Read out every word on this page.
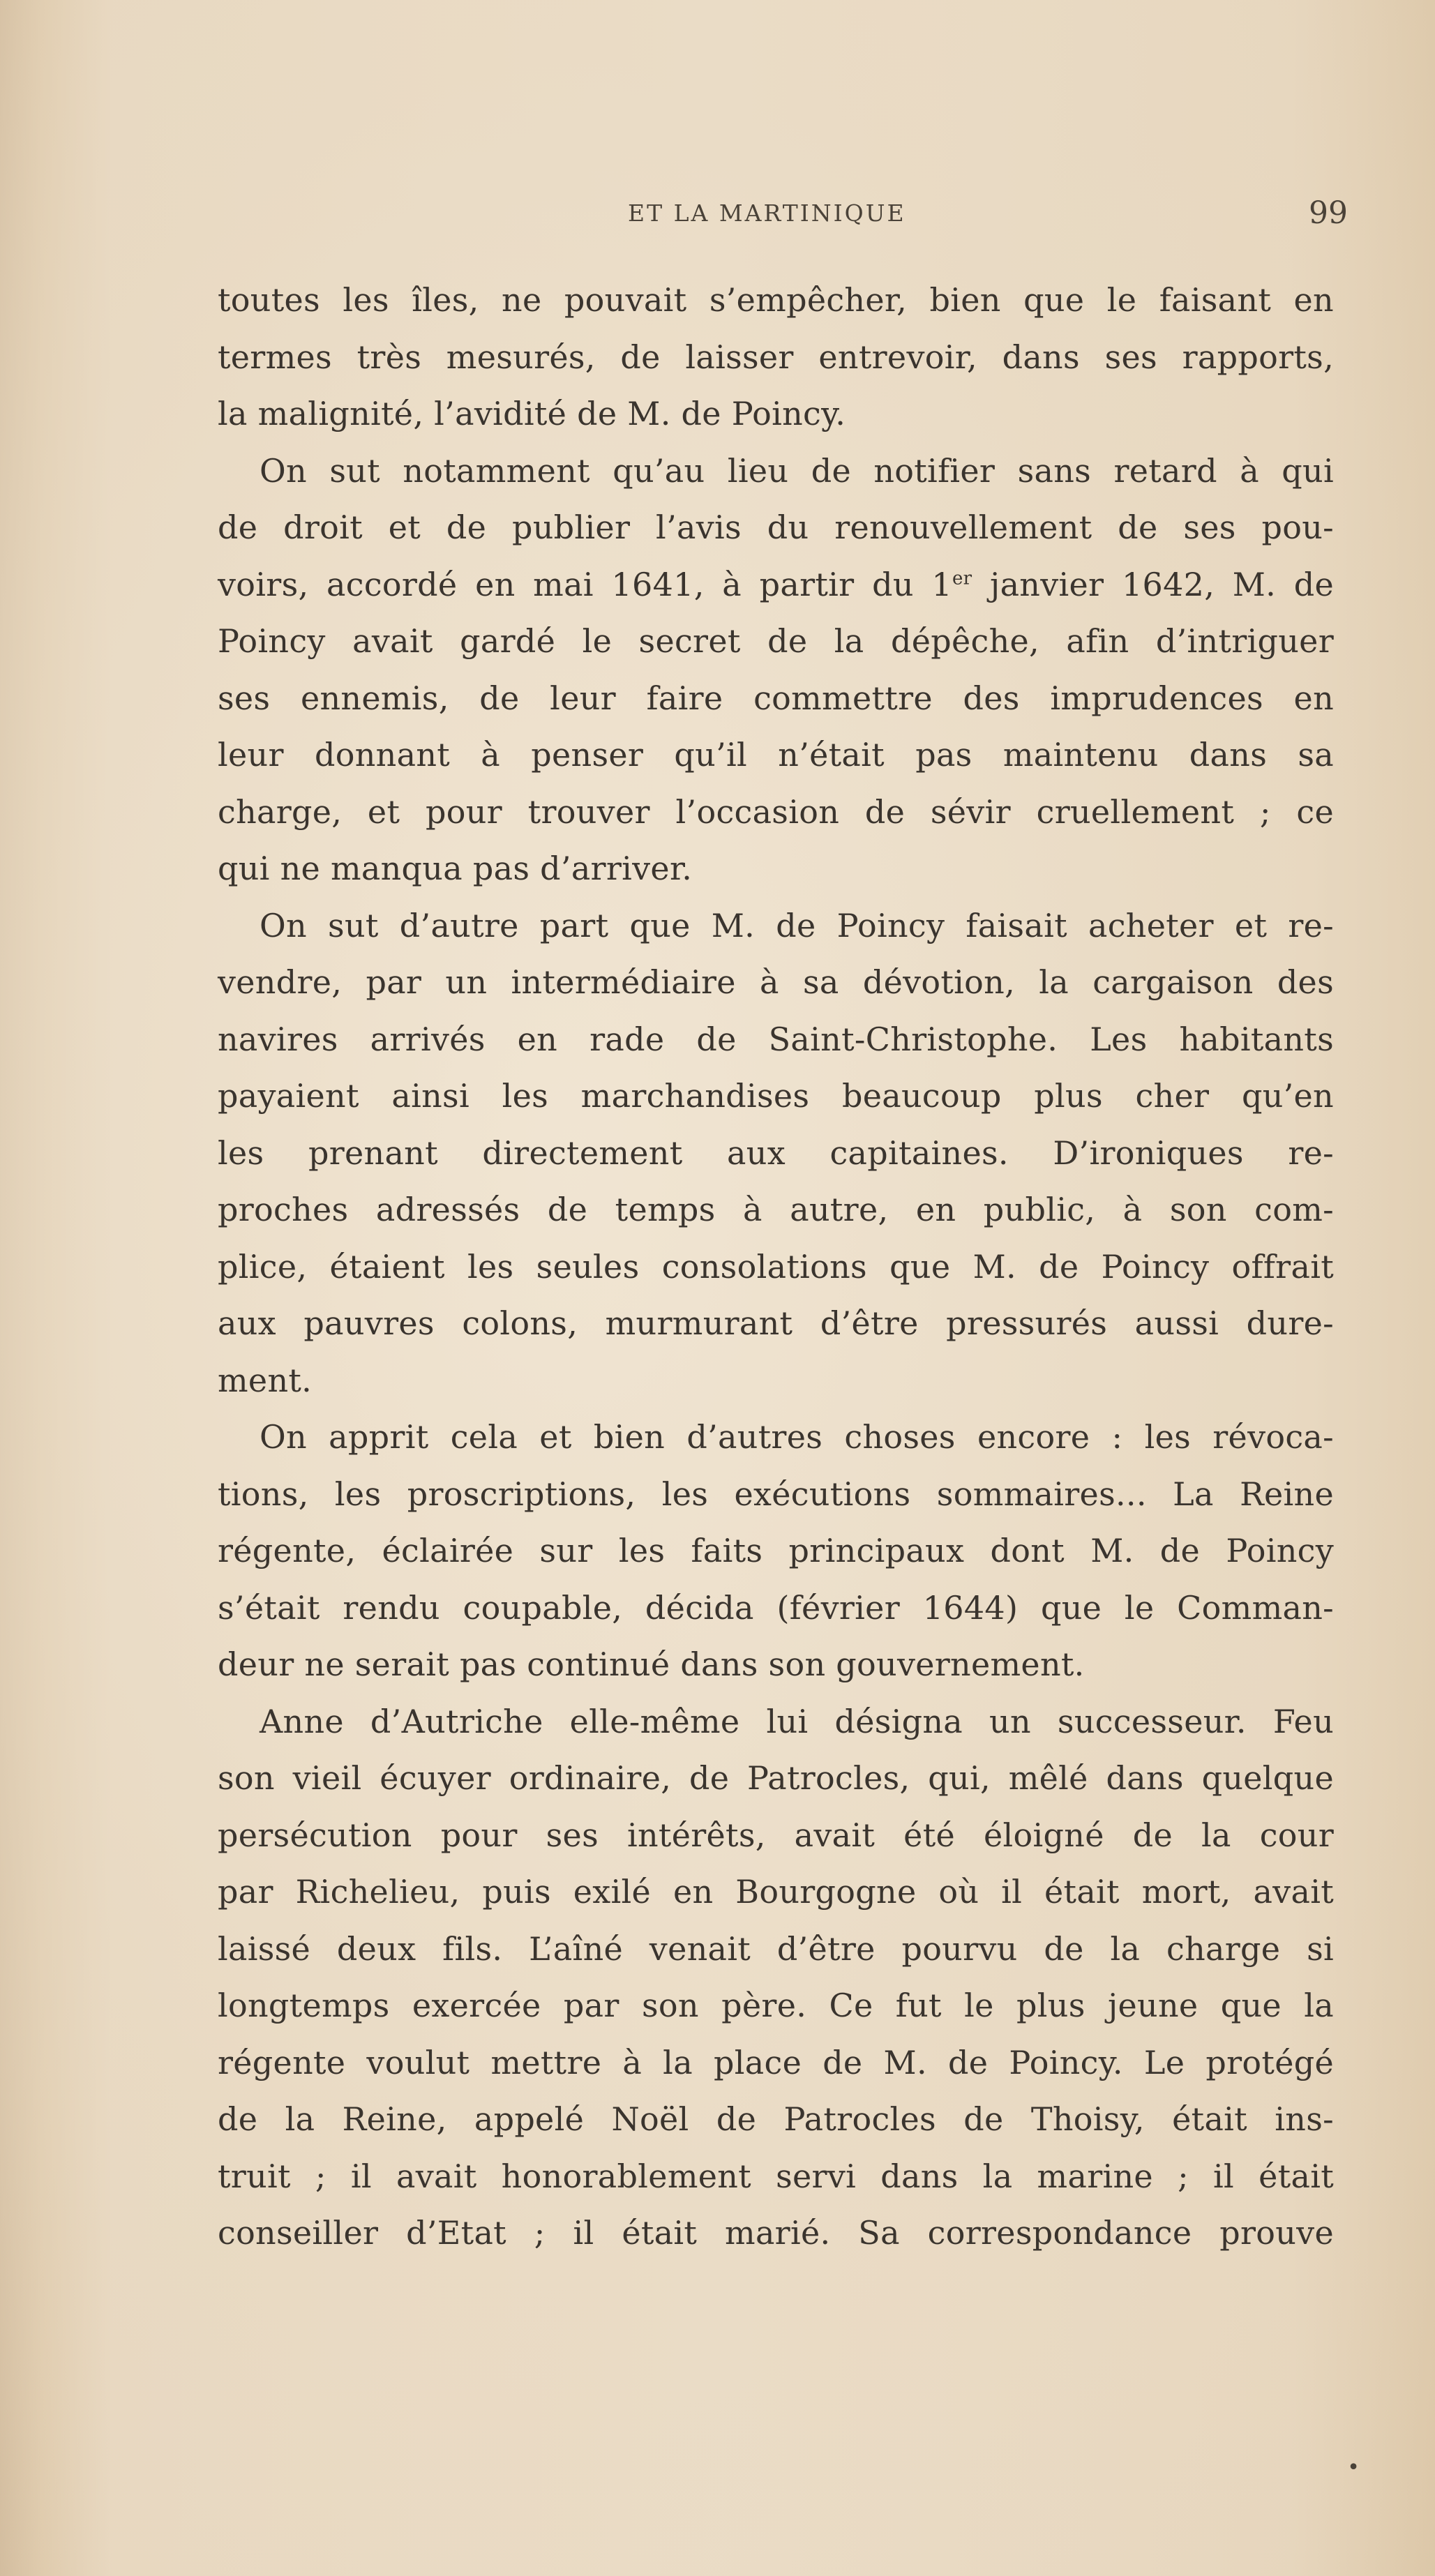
ET LA MARTINIQUE	99
toutes les îles, ne pouvait s’empêcher, bien que le faisant en
termes très mesurés, de laisser entrevoir, dans ses rapports,
la malignité, l’avidité de M. de Poincy.
On sut notamment qu’au lieu de notifier sans retard à qui
de droit et de publier l’avis du renouvellement de ses pou-
voirs, accordé en mai 1641, à partir du 1er janvier 1642, M. de
Poincy avait gardé le secret de la dépêche, afin d’intriguer
ses ennemis, de leur faire commettre des imprudences en
leur donnant à penser qu’il n’était pas maintenu dans sa
charge, et pour trouver l’occasion de sévir cruellement ; ce
qui ne manqua pas d’arriver.
On sut d’autre part que M. de Poincy faisait acheter et re-
vendre, par un intermédiaire à sa dévotion, la cargaison des
navires arrivés en rade de Saint-Christophe. Les habitants
payaient ainsi les marchandises beaucoup plus cher qu’en
les prenant directement aux capitaines. D’ironiques re-
proches adressés de temps à autre, en public, à son com-
plice, étaient les seules consolations que M. de Poincy offrait
aux pauvres colons, murmurant d’être pressurés aussi dure-
ment.
On apprit cela et bien d’autres choses encore : les révoca-
tions, les proscriptions, les exécutions sommaires... La Reine
régente, éclairée sur les faits principaux dont M. de Poincy
s’était rendu coupable, décida (février 1644) que le Comman-
deur ne serait pas continué dans son gouvernement.
Anne d’Autriche elle-même lui désigna un successeur. Feu
son vieil écuyer ordinaire, de Patrocles, qui, mêlé dans quelque
persécution pour ses intérêts, avait été éloigné de la cour
par Richelieu, puis exilé en Bourgogne où il était mort, avait
laissé deux fils. L’aîné venait d’être pourvu de la charge si
longtemps exercée par son père. Ce fut le plus jeune que la
régente voulut mettre à la place de M. de Poincy. Le protégé
de la Reine, appelé Noël de Patrocles de Thoisy, était ins-
truit ; il avait honorablement servi dans la marine ; il était
conseiller d’Etat ; il était marié. Sa correspondance prouve
•
